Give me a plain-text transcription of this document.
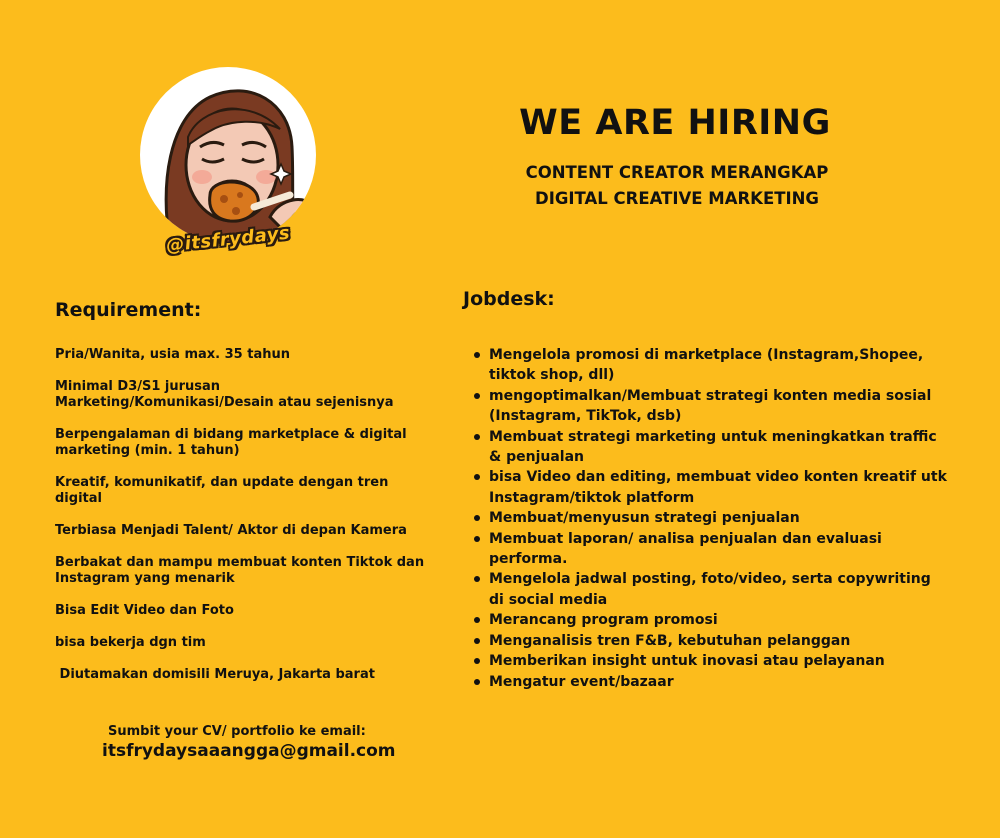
@itsfrydays
WE ARE HIRING
CONTENT CREATOR MERANGKAP
DIGITAL CREATIVE MARKETING
Requirement:
Pria/Wanita, usia max. 35 tahun
Minimal D3/S1 jurusan Marketing/Komunikasi/Desain atau sejenisnya
Berpengalaman di bidang marketplace & digital marketing (min. 1 tahun)
Kreatif, komunikatif, dan update dengan tren digital
Terbiasa Menjadi Talent/ Aktor di depan Kamera
Berbakat dan mampu membuat konten Tiktok dan Instagram yang menarik
Bisa Edit Video dan Foto
bisa bekerja dgn tim
Diutamakan domisili Meruya, Jakarta barat
Jobdesk:
Mengelola promosi di marketplace (Instagram,Shopee, tiktok shop, dll)
mengoptimalkan/Membuat strategi konten media sosial (Instagram, TikTok, dsb)
Membuat strategi marketing untuk meningkatkan traffic & penjualan
bisa Video dan editing, membuat video konten kreatif utk Instagram/tiktok platform
Membuat/menyusun strategi penjualan
Membuat laporan/ analisa penjualan dan evaluasi performa.
Mengelola jadwal posting, foto/video, serta copywriting di social media
Merancang program promosi
Menganalisis tren F&B, kebutuhan pelanggan
Memberikan insight untuk inovasi atau pelayanan
Mengatur event/bazaar
Sumbit your CV/ portfolio ke email:
itsfrydaysaaangga@gmail.com
